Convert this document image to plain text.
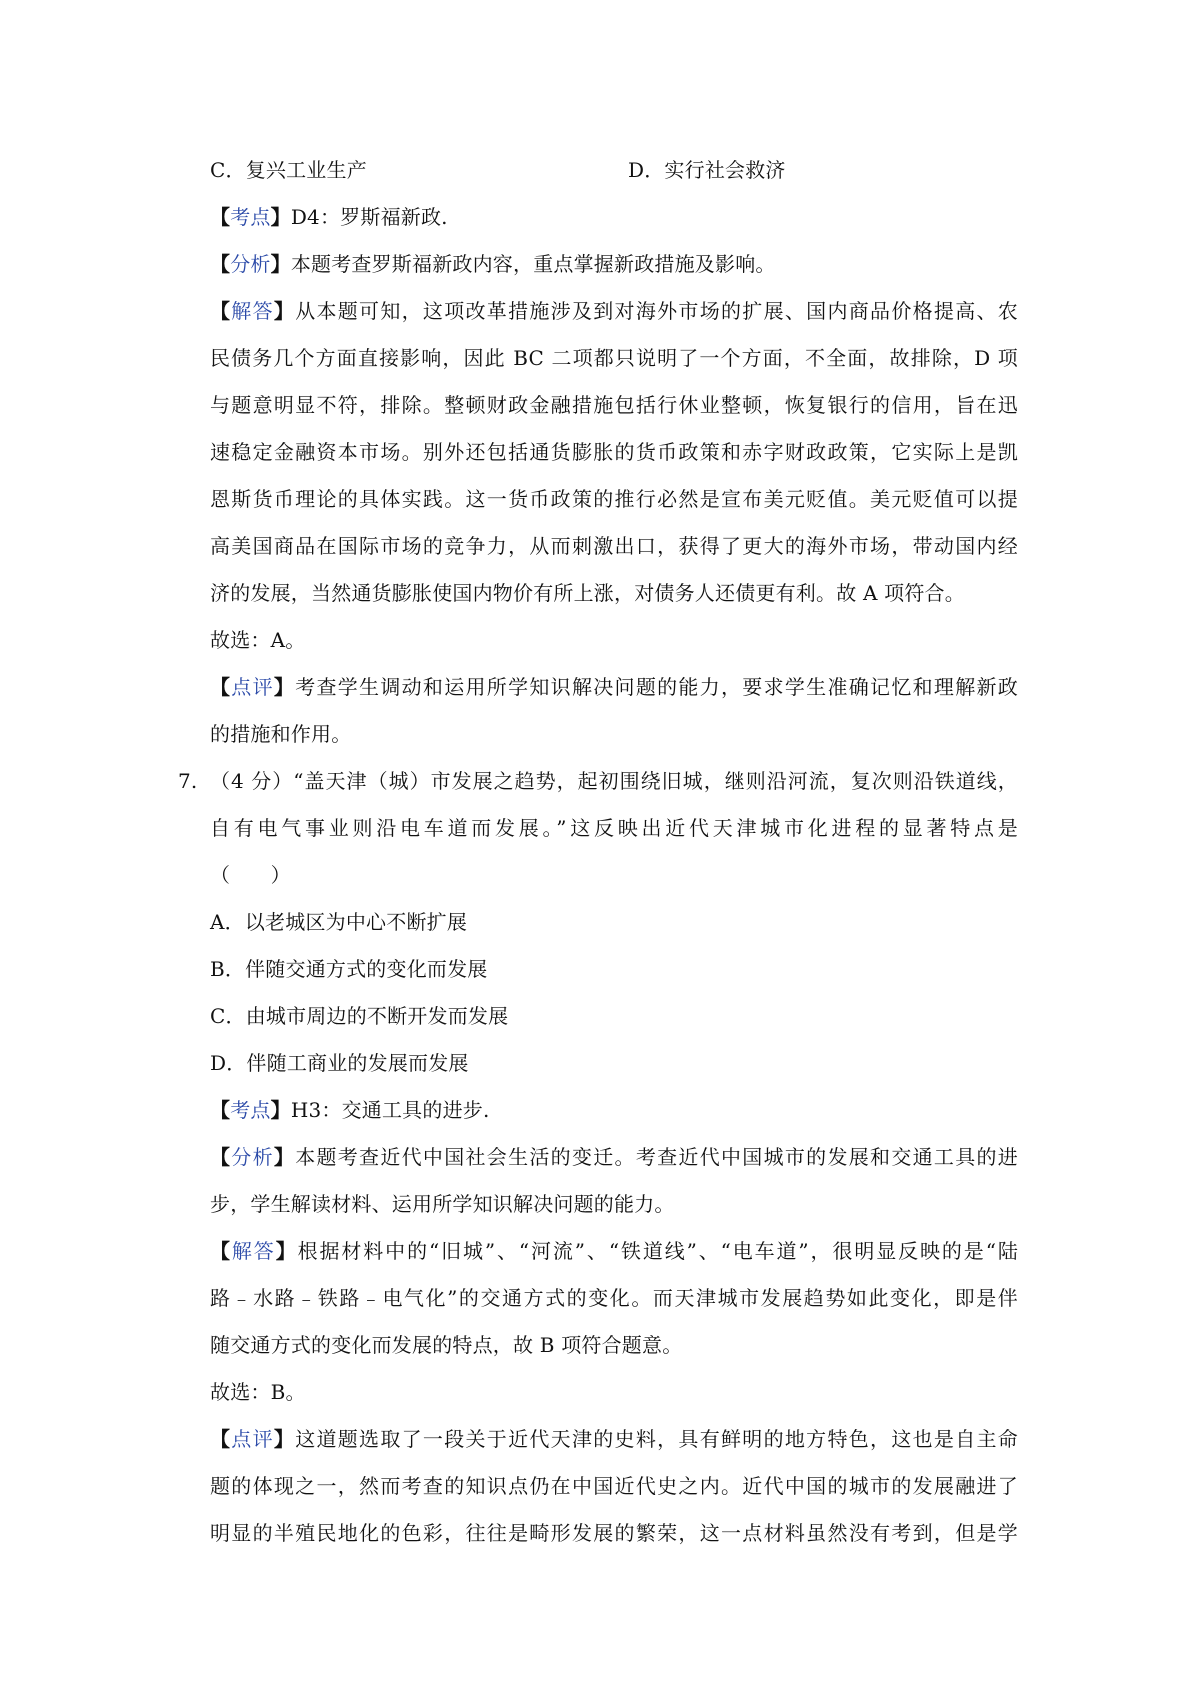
C．复兴工业生产	D．实行社会救济
【考点】D4：罗斯福新政.
【分析】本题考查罗斯福新政内容，重点掌握新政措施及影响。
【解答】从本题可知，这项改革措施涉及到对海外市场的扩展、国内商品价格提高、农
民债务几个方面直接影响，因此 BC 二项都只说明了一个方面，不全面，故排除，D 项
与题意明显不符，排除。整顿财政金融措施包括行休业整顿，恢复银行的信用，旨在迅
速稳定金融资本市场。别外还包括通货膨胀的货币政策和赤字财政政策，它实际上是凯
恩斯货币理论的具体实践。这一货币政策的推行必然是宣布美元贬值。美元贬值可以提
高美国商品在国际市场的竞争力，从而刺激出口，获得了更大的海外市场，带动国内经
济的发展，当然通货膨胀使国内物价有所上涨，对债务人还债更有利。故 A 项符合。
故选：A。
【点评】考查学生调动和运用所学知识解决问题的能力，要求学生准确记忆和理解新政
的措施和作用。
7. （4 分）“盖天津（城）市发展之趋势，起初围绕旧城，继则沿河流，复次则沿铁道线，
自有电气事业则沿电车道而发展。”这反映出近代天津城市化进程的显著特点是
（　　）
A．以老城区为中心不断扩展
B．伴随交通方式的变化而发展
C．由城市周边的不断开发而发展
D．伴随工商业的发展而发展
【考点】H3：交通工具的进步.
【分析】本题考查近代中国社会生活的变迁。考查近代中国城市的发展和交通工具的进
步，学生解读材料、运用所学知识解决问题的能力。
【解答】根据材料中的“旧城”、“河流”、“铁道线”、“电车道”，很明显反映的是“陆
路﹣水路﹣铁路﹣电气化”的交通方式的变化。而天津城市发展趋势如此变化，即是伴
随交通方式的变化而发展的特点，故 B 项符合题意。
故选：B。
【点评】这道题选取了一段关于近代天津的史料，具有鲜明的地方特色，这也是自主命
题的体现之一，然而考查的知识点仍在中国近代史之内。近代中国的城市的发展融进了
明显的半殖民地化的色彩，往往是畸形发展的繁荣，这一点材料虽然没有考到，但是学
